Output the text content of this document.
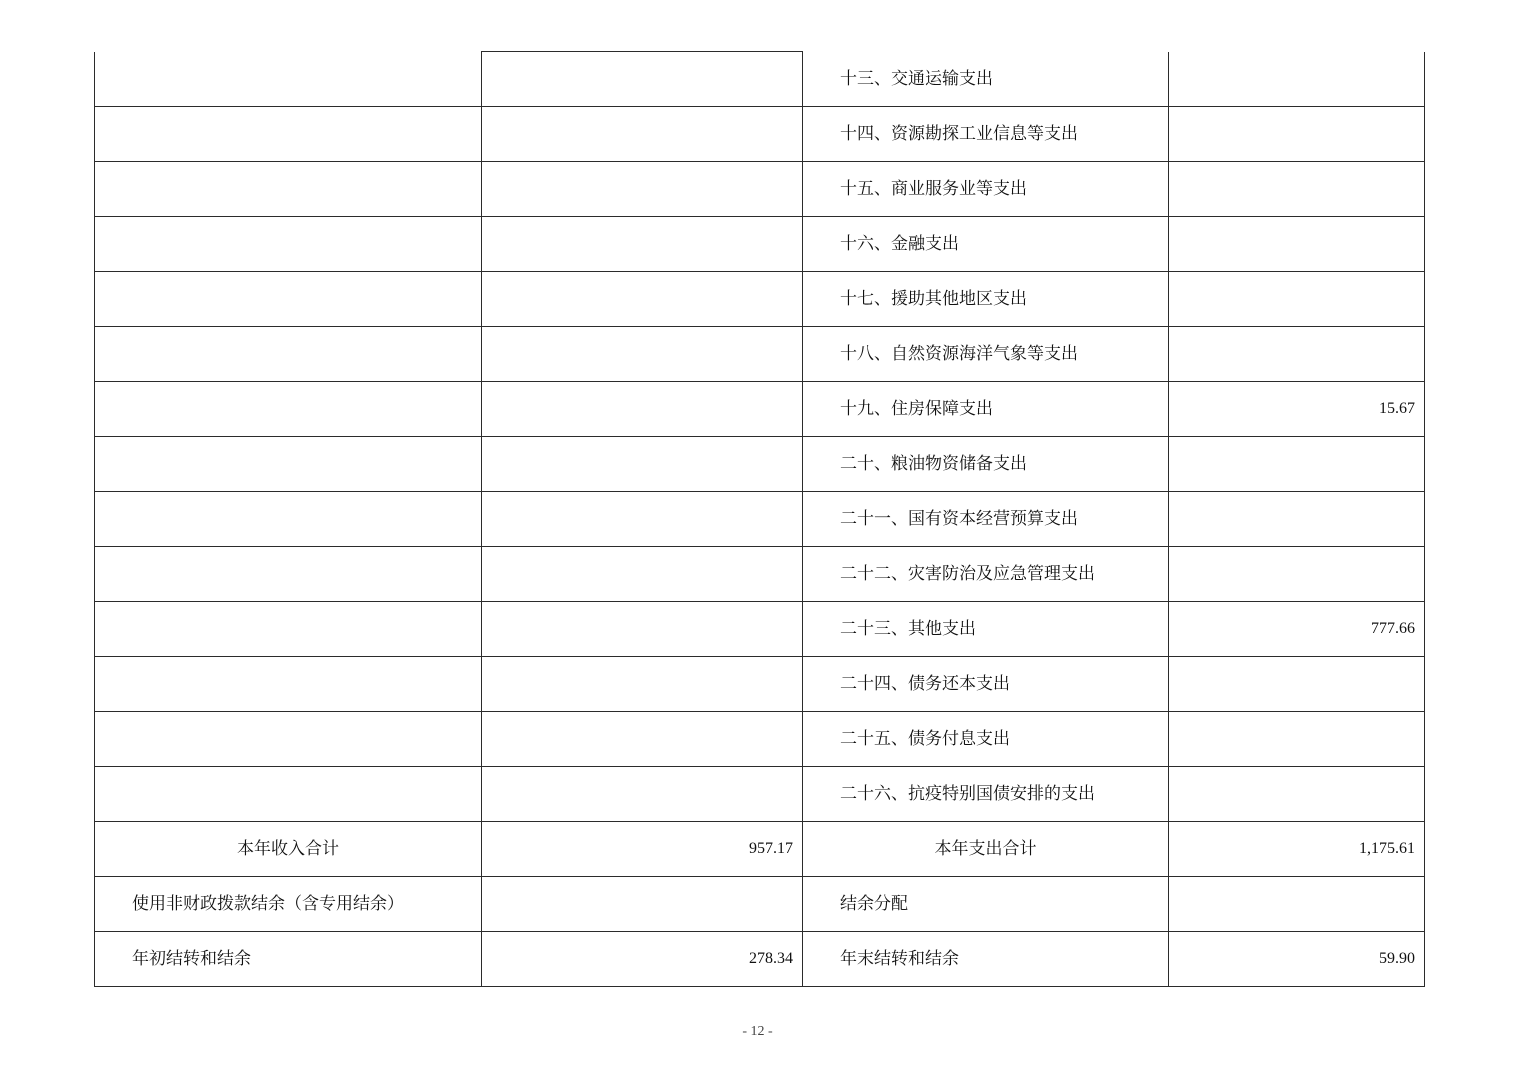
		十三、交通运输支出	
		十四、资源勘探工业信息等支出	
		十五、商业服务业等支出	
		十六、金融支出	
		十七、援助其他地区支出	
		十八、自然资源海洋气象等支出	
		十九、住房保障支出	15.67
		二十、粮油物资储备支出	
		二十一、国有资本经营预算支出	
		二十二、灾害防治及应急管理支出	
		二十三、其他支出	777.66
		二十四、债务还本支出	
		二十五、债务付息支出	
		二十六、抗疫特别国债安排的支出	
本年收入合计	957.17	本年支出合计	1,175.61
使用非财政拨款结余（含专用结余）		结余分配	
年初结转和结余	278.34	年末结转和结余	59.90
- 12 -
